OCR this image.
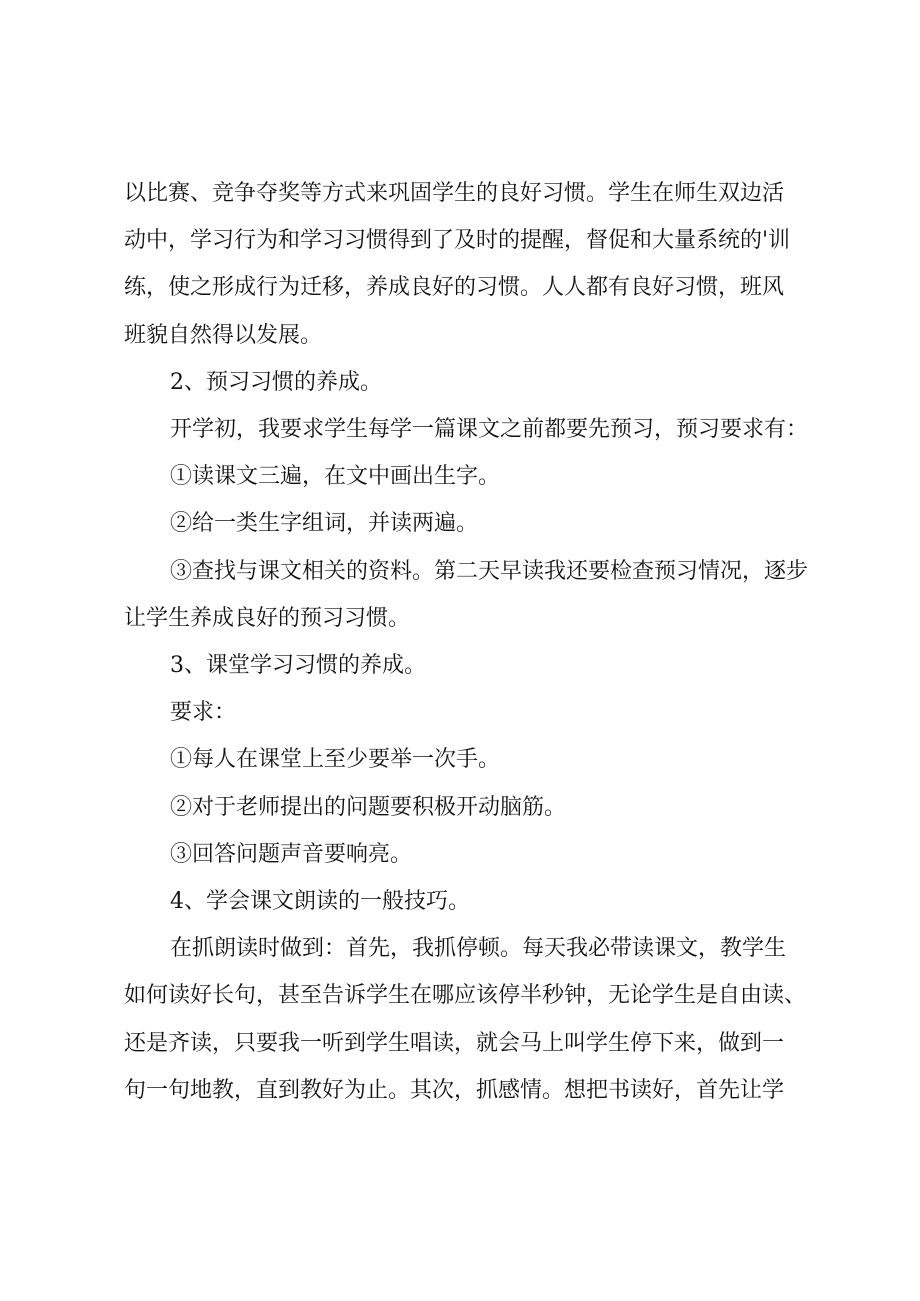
以比赛、竞争夺奖等方式来巩固学生的良好习惯。学生在师生双边活
动中，学习行为和学习习惯得到了及时的提醒，督促和大量系统的'训
练，使之形成行为迁移，养成良好的习惯。人人都有良好习惯，班风
班貌自然得以发展。

2、预习习惯的养成。

开学初，我要求学生每学一篇课文之前都要先预习，预习要求有：

①读课文三遍，在文中画出生字。

②给一类生字组词，并读两遍。

③查找与课文相关的资料。第二天早读我还要检查预习情况，逐步
让学生养成良好的预习习惯。

3、课堂学习习惯的养成。

要求：

①每人在课堂上至少要举一次手。

②对于老师提出的问题要积极开动脑筋。

③回答问题声音要响亮。

4、学会课文朗读的一般技巧。

在抓朗读时做到：首先，我抓停顿。每天我必带读课文，教学生
如何读好长句，甚至告诉学生在哪应该停半秒钟，无论学生是自由读、
还是齐读，只要我一听到学生唱读，就会马上叫学生停下来，做到一
句一句地教，直到教好为止。其次，抓感情。想把书读好，首先让学
